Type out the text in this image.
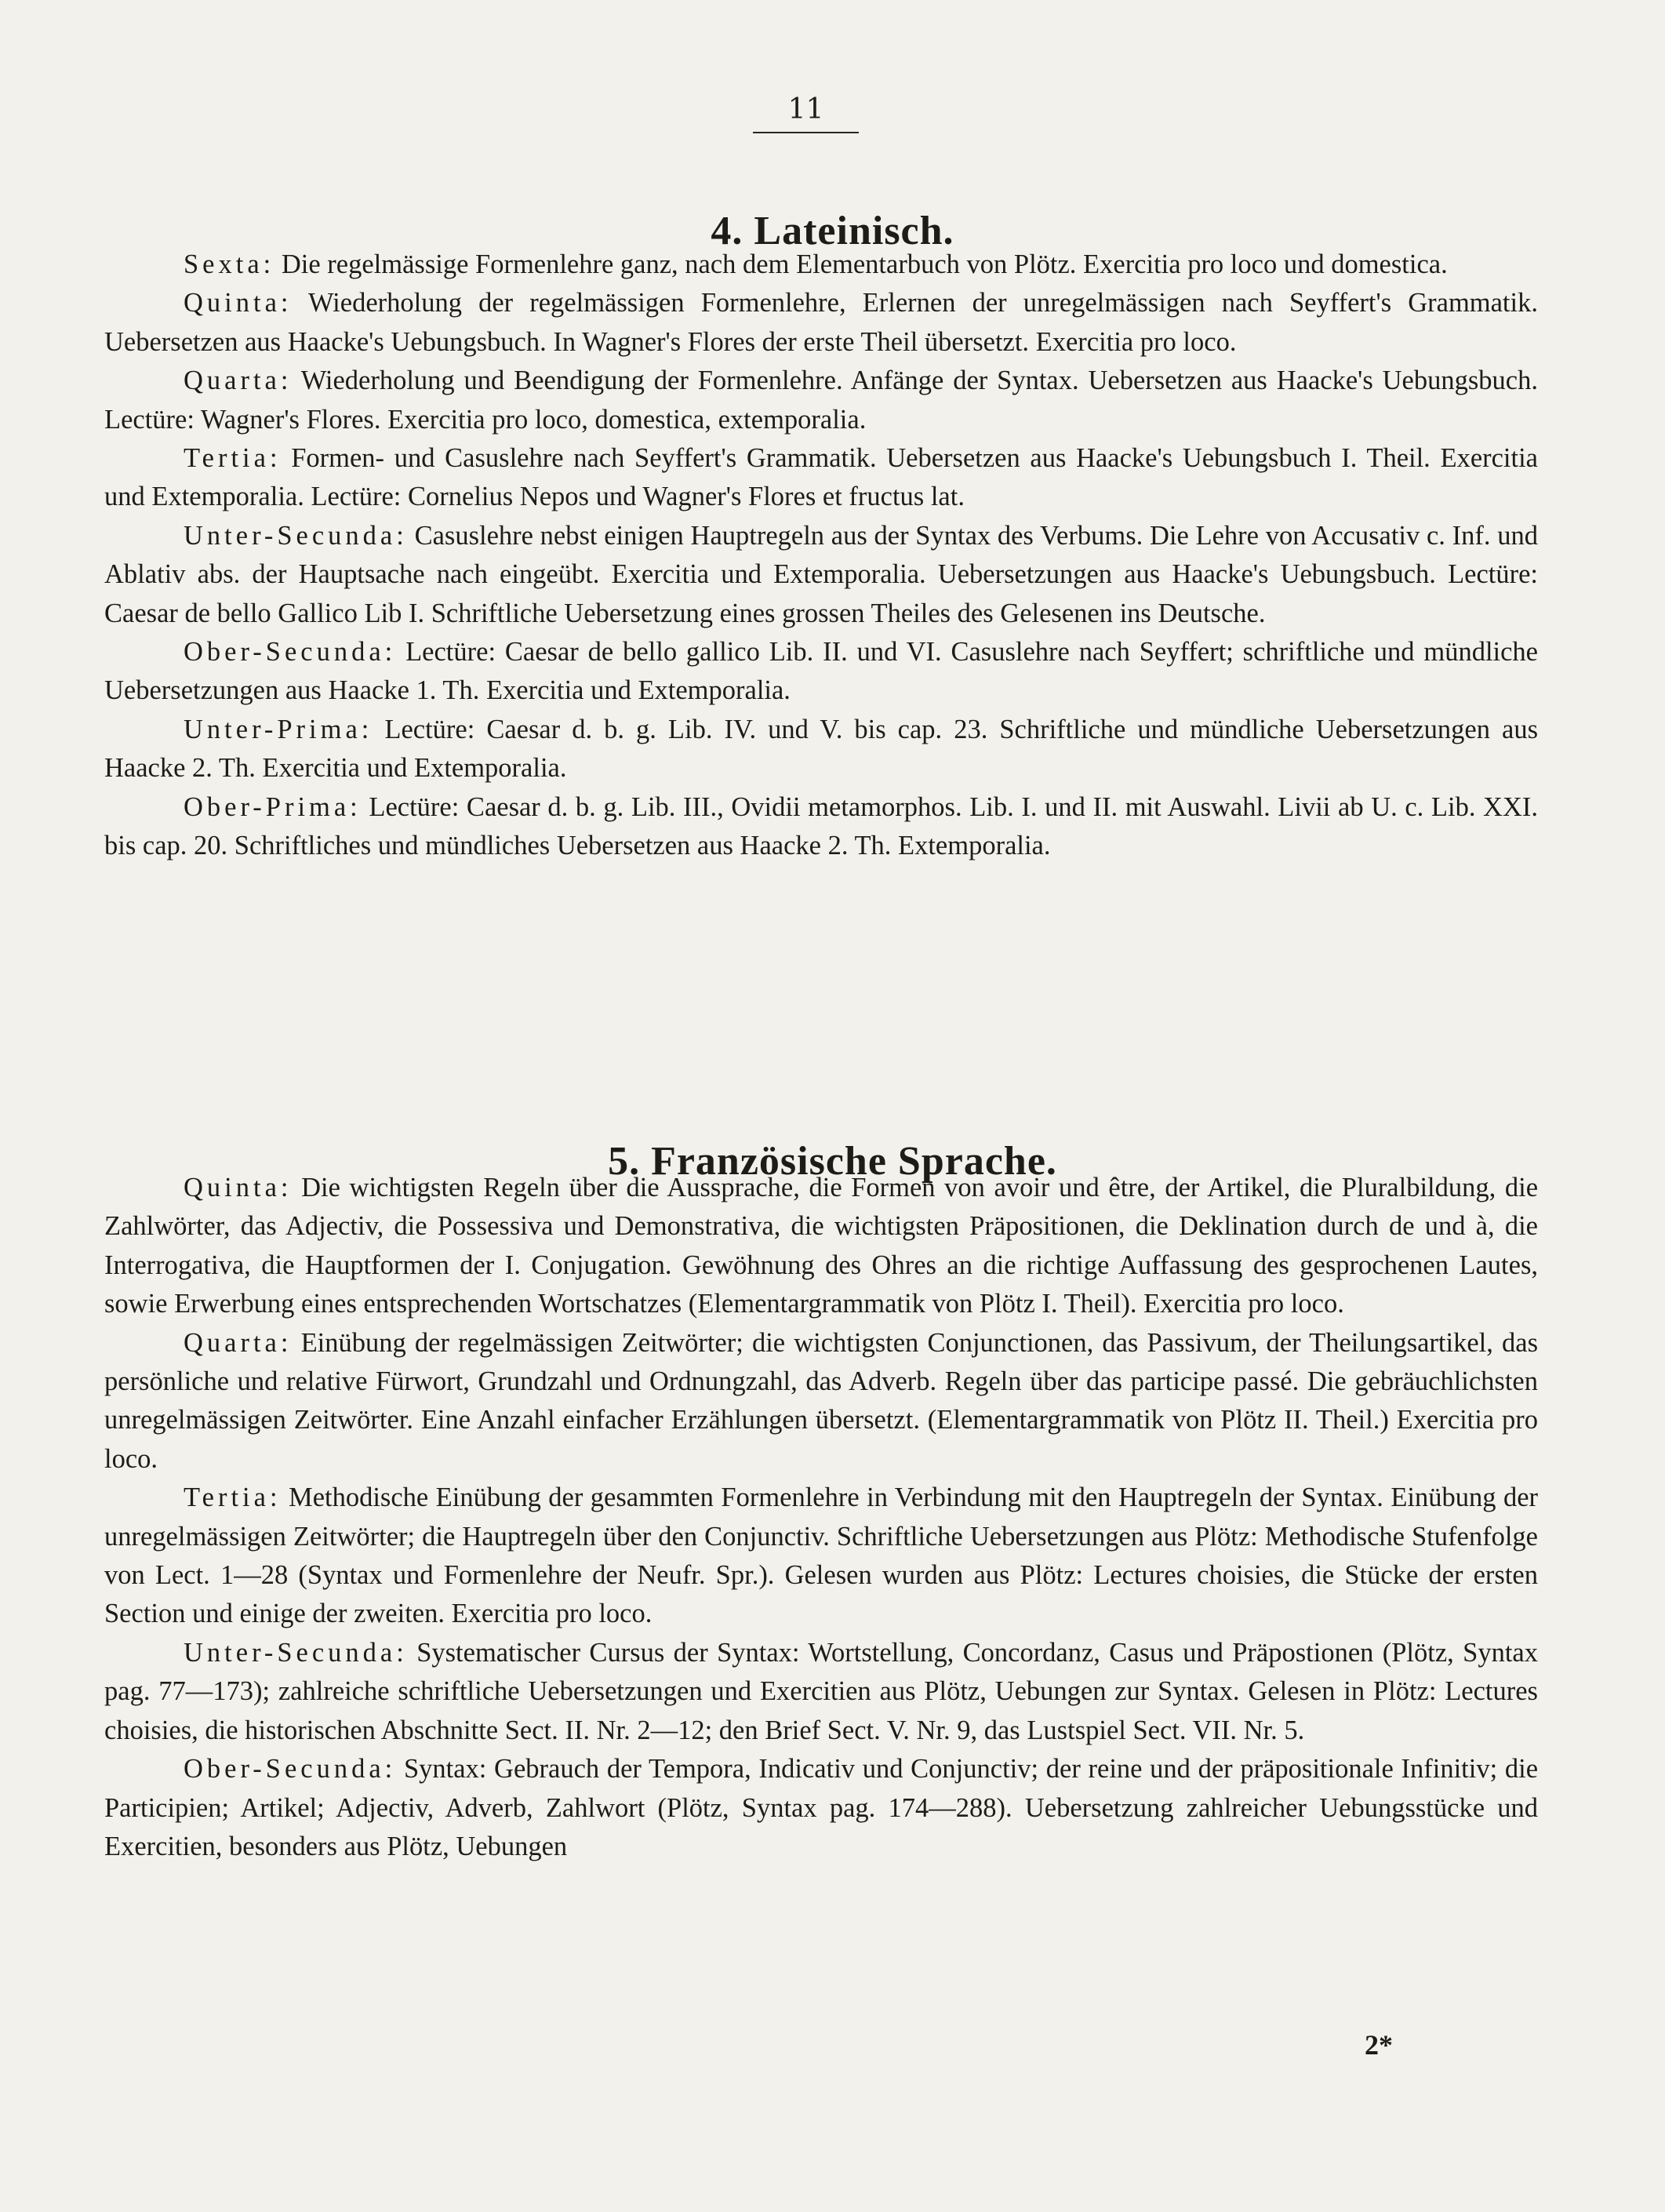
11
4. Lateinisch.

Sexta: Die regelmässige Formenlehre ganz, nach dem Elementarbuch von Plötz. Exercitia pro loco und domestica.

Quinta: Wiederholung der regelmässigen Formenlehre, Erlernen der unregelmässigen nach Seyffert's Grammatik. Uebersetzen aus Haacke's Uebungsbuch. In Wagner's Flores der erste Theil übersetzt. Exercitia pro loco.

Quarta: Wiederholung und Beendigung der Formenlehre. Anfänge der Syntax. Uebersetzen aus Haacke's Uebungsbuch. Lectüre: Wagner's Flores. Exercitia pro loco, domestica, extemporalia.

Tertia: Formen- und Casuslehre nach Seyffert's Grammatik. Uebersetzen aus Haacke's Uebungsbuch I. Theil. Exercitia und Extemporalia. Lectüre: Cornelius Nepos und Wagner's Flores et fructus lat.

Unter-Secunda: Casuslehre nebst einigen Hauptregeln aus der Syntax des Verbums. Die Lehre von Accusativ c. Inf. und Ablativ abs. der Hauptsache nach eingeübt. Exercitia und Extemporalia. Uebersetzungen aus Haacke's Uebungsbuch. Lectüre: Caesar de bello Gallico Lib I. Schriftliche Uebersetzung eines grossen Theiles des Gelesenen ins Deutsche.

Ober-Secunda: Lectüre: Caesar de bello gallico Lib. II. und VI. Casuslehre nach Seyffert; schriftliche und mündliche Uebersetzungen aus Haacke 1. Th. Exercitia und Extemporalia.

Unter-Prima: Lectüre: Caesar d. b. g. Lib. IV. und V. bis cap. 23. Schriftliche und mündliche Uebersetzungen aus Haacke 2. Th. Exercitia und Extemporalia.

Ober-Prima: Lectüre: Caesar d. b. g. Lib. III., Ovidii metamorphos. Lib. I. und II. mit Auswahl. Livii ab U. c. Lib. XXI. bis cap. 20. Schriftliches und mündliches Uebersetzen aus Haacke 2. Th. Extemporalia.

5. Französische Sprache.

Quinta: Die wichtigsten Regeln über die Aussprache, die Formen von avoir und être, der Artikel, die Pluralbildung, die Zahlwörter, das Adjectiv, die Possessiva und Demonstrativa, die wichtigsten Präpositionen, die Deklination durch de und à, die Interrogativa, die Hauptformen der I. Conjugation. Gewöhnung des Ohres an die richtige Auffassung des gesprochenen Lautes, sowie Erwerbung eines entsprechenden Wortschatzes (Elementargrammatik von Plötz I. Theil). Exercitia pro loco.

Quarta: Einübung der regelmässigen Zeitwörter; die wichtigsten Conjunctionen, das Passivum, der Theilungsartikel, das persönliche und relative Fürwort, Grundzahl und Ordnungzahl, das Adverb. Regeln über das participe passé. Die gebräuchlichsten unregelmässigen Zeitwörter. Eine Anzahl einfacher Erzählungen übersetzt. (Elementargrammatik von Plötz II. Theil.) Exercitia pro loco.

Tertia: Methodische Einübung der gesammten Formenlehre in Verbindung mit den Hauptregeln der Syntax. Einübung der unregelmässigen Zeitwörter; die Hauptregeln über den Conjunctiv. Schriftliche Uebersetzungen aus Plötz: Methodische Stufenfolge von Lect. 1—28 (Syntax und Formenlehre der Neufr. Spr.). Gelesen wurden aus Plötz: Lectures choisies, die Stücke der ersten Section und einige der zweiten. Exercitia pro loco.

Unter-Secunda: Systematischer Cursus der Syntax: Wortstellung, Concordanz, Casus und Präpostionen (Plötz, Syntax pag. 77—173); zahlreiche schriftliche Uebersetzungen und Exercitien aus Plötz, Uebungen zur Syntax. Gelesen in Plötz: Lectures choisies, die historischen Abschnitte Sect. II. Nr. 2—12; den Brief Sect. V. Nr. 9, das Lustspiel Sect. VII. Nr. 5.

Ober-Secunda: Syntax: Gebrauch der Tempora, Indicativ und Conjunctiv; der reine und der präpositionale Infinitiv; die Participien; Artikel; Adjectiv, Adverb, Zahlwort (Plötz, Syntax pag. 174—288). Uebersetzung zahlreicher Uebungsstücke und Exercitien, besonders aus Plötz, Uebungen

2*
